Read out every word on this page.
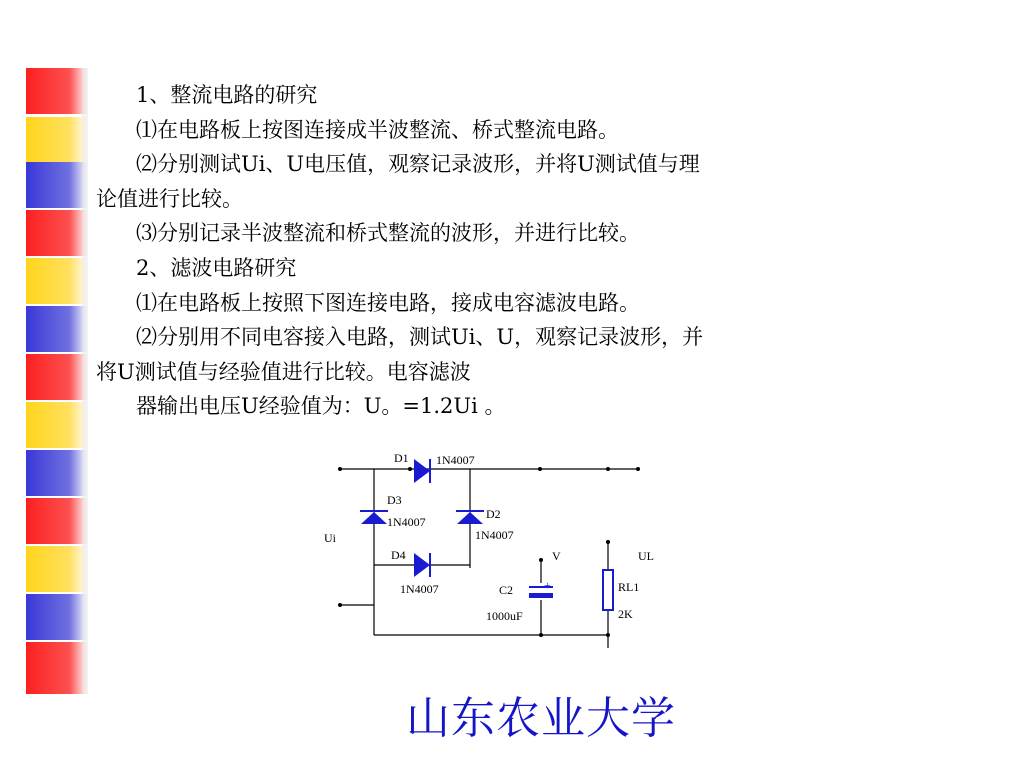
1、整流电路的研究
⑴在电路板上按图连接成半波整流、桥式整流电路。
⑵分别测试Ui、U电压值，观察记录波形，并将U测试值与理
论值进行比较。
⑶分别记录半波整流和桥式整流的波形，并进行比较。
2、滤波电路研究
⑴在电路板上按照下图连接电路，接成电容滤波电路。
⑵分别用不同电容接入电路，测试Ui、U，观察记录波形，并
将U测试值与经验值进行比较。电容滤波
器输出电压U经验值为：U。=1.2Ui 。
D1 1N4007
D3
1N4007
D2
1N4007
D4
1N4007
Ui
V	UL
+
C2
1000uF
RL1
2K
山东农业大学
